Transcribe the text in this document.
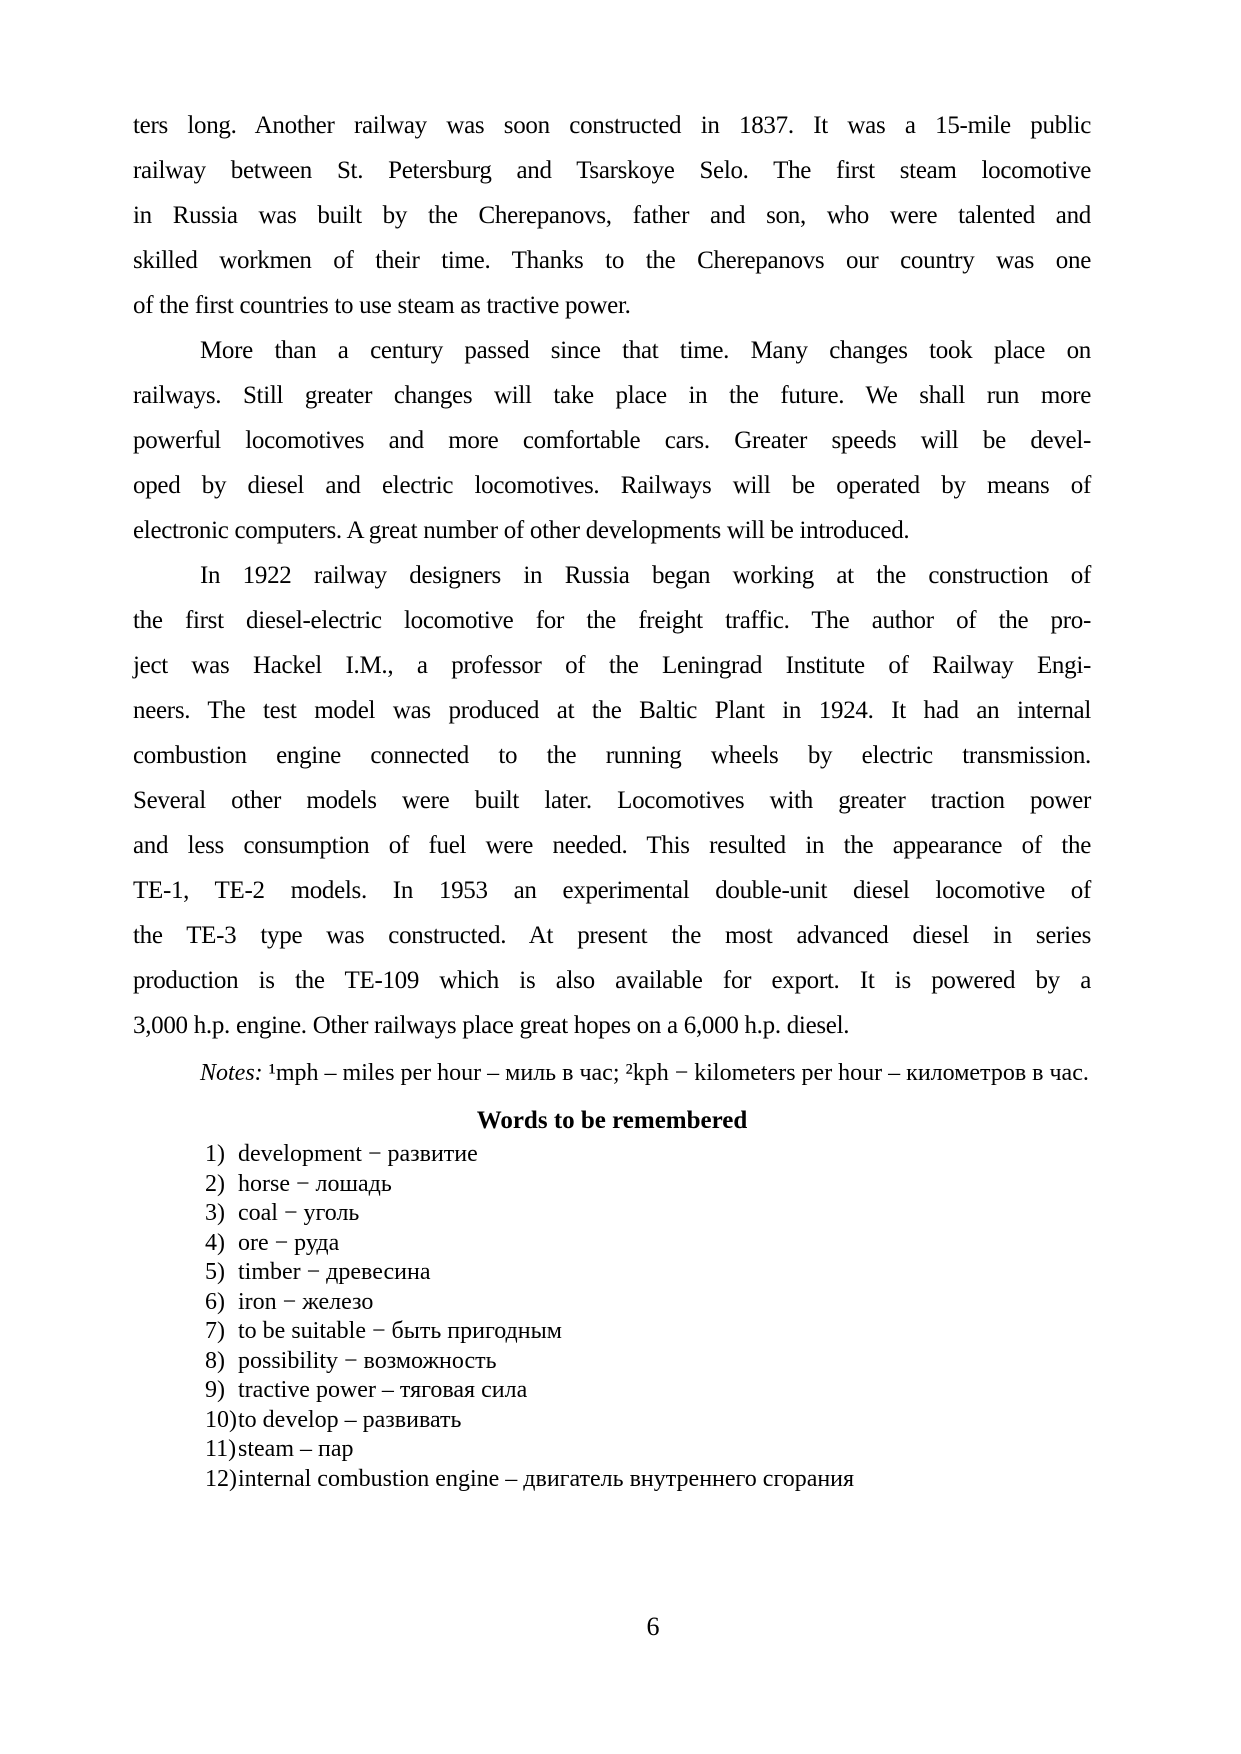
ters long. Another railway was soon constructed in 1837. It was a 15-mile public
railway between St. Petersburg and Tsarskoye Selo. The first steam locomotive
in Russia was built by the Cherepanovs, father and son, who were talented and
skilled workmen of their time. Thanks to the Cherepanovs our country was one
of the first countries to use steam as tractive power.
More than a century passed since that time. Many changes took place on
railways. Still greater changes will take place in the future. We shall run more
powerful locomotives and more comfortable cars. Greater speeds will be devel-
oped by diesel and electric locomotives. Railways will be operated by means of
electronic computers. A great number of other developments will be introduced.
In 1922 railway designers in Russia began working at the construction of
the first diesel-electric locomotive for the freight traffic. The author of the pro-
ject was Hackel I.M., a professor of the Leningrad Institute of Railway Engi-
neers. The test model was produced at the Baltic Plant in 1924. It had an internal
combustion engine connected to the running wheels by electric transmission.
Several other models were built later. Locomotives with greater traction power
and less consumption of fuel were needed. This resulted in the appearance of the
TE-1, TE-2 models. In 1953 an experimental double-unit diesel locomotive of
the TE-3 type was constructed. At present the most advanced diesel in series
production is the TE-109 which is also available for export. It is powered by a
3,000 h.p. engine. Other railways place great hopes on a 6,000 h.p. diesel.
Notes: ¹mph – miles per hour – миль в час; ²kph − kilometers per hour – километров в час.
Words to be remembered
1) development − развитие
2) horse − лошадь
3) coal − уголь
4) ore − руда
5) timber − древесина
6) iron − железо
7) to be suitable − быть пригодным
8) possibility − возможность
9) tractive power – тяговая сила
10) to develop – развивать
11) steam – пар
12) internal combustion engine – двигатель внутреннего сгорания
6
